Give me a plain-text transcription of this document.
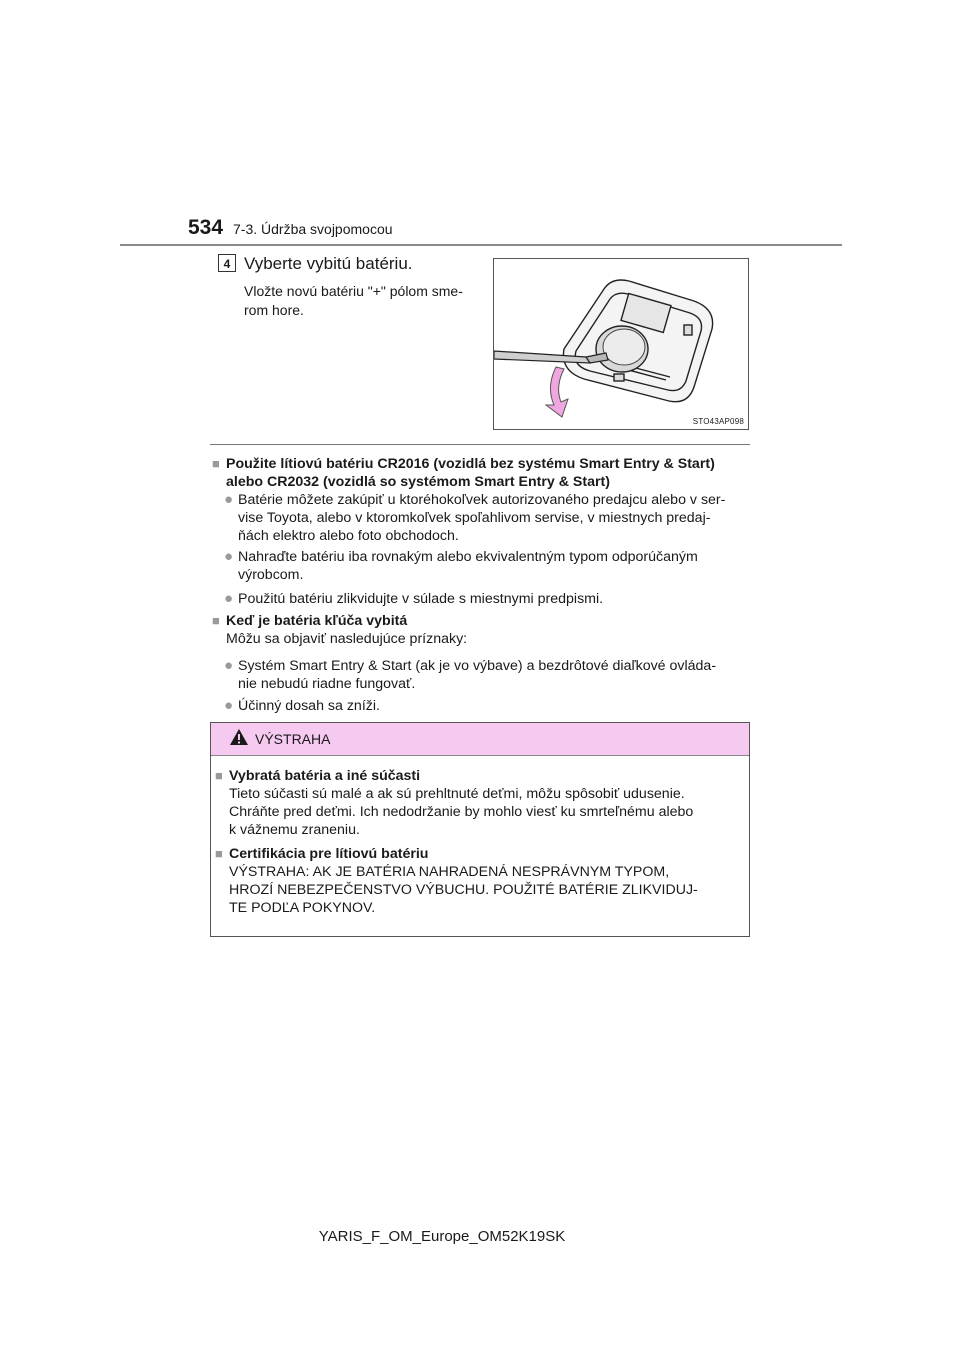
534 7-3. Údržba svojpomocou
4 Vyberte vybitú batériu.
Vložte novú batériu "+" pólom sme-
rom hore.
STO43AP098
■ Použite lítiovú batériu CR2016 (vozidlá bez systému Smart Entry & Start)
alebo CR2032 (vozidlá so systémom Smart Entry & Start)
● Batérie môžete zakúpiť u ktoréhokoľvek autorizovaného predajcu alebo v ser-
vise Toyota, alebo v ktoromkoľvek spoľahlivom servise, v miestnych predaj-
ňách elektro alebo foto obchodoch.
● Nahraďte batériu iba rovnakým alebo ekvivalentným typom odporúčaným
výrobcom.
● Použitú batériu zlikvidujte v súlade s miestnymi predpismi.
■ Keď je batéria kľúča vybitá
Môžu sa objaviť nasledujúce príznaky:
● Systém Smart Entry & Start (ak je vo výbave) a bezdrôtové diaľkové ovláda-
nie nebudú riadne fungovať.
● Účinný dosah sa zníži.
VÝSTRAHA
■ Vybratá batéria a iné súčasti
Tieto súčasti sú malé a ak sú prehltnuté deťmi, môžu spôsobiť udusenie.
Chráňte pred deťmi. Ich nedodržanie by mohlo viesť ku smrteľnému alebo
k vážnemu zraneniu.
■ Certifikácia pre lítiovú batériu
VÝSTRAHA: AK JE BATÉRIA NAHRADENÁ NESPRÁVNYM TYPOM,
HROZÍ NEBEZPEČENSTVO VÝBUCHU. POUŽITÉ BATÉRIE ZLIKVIDUJ-
TE PODĽA POKYNOV.
YARIS_F_OM_Europe_OM52K19SK
